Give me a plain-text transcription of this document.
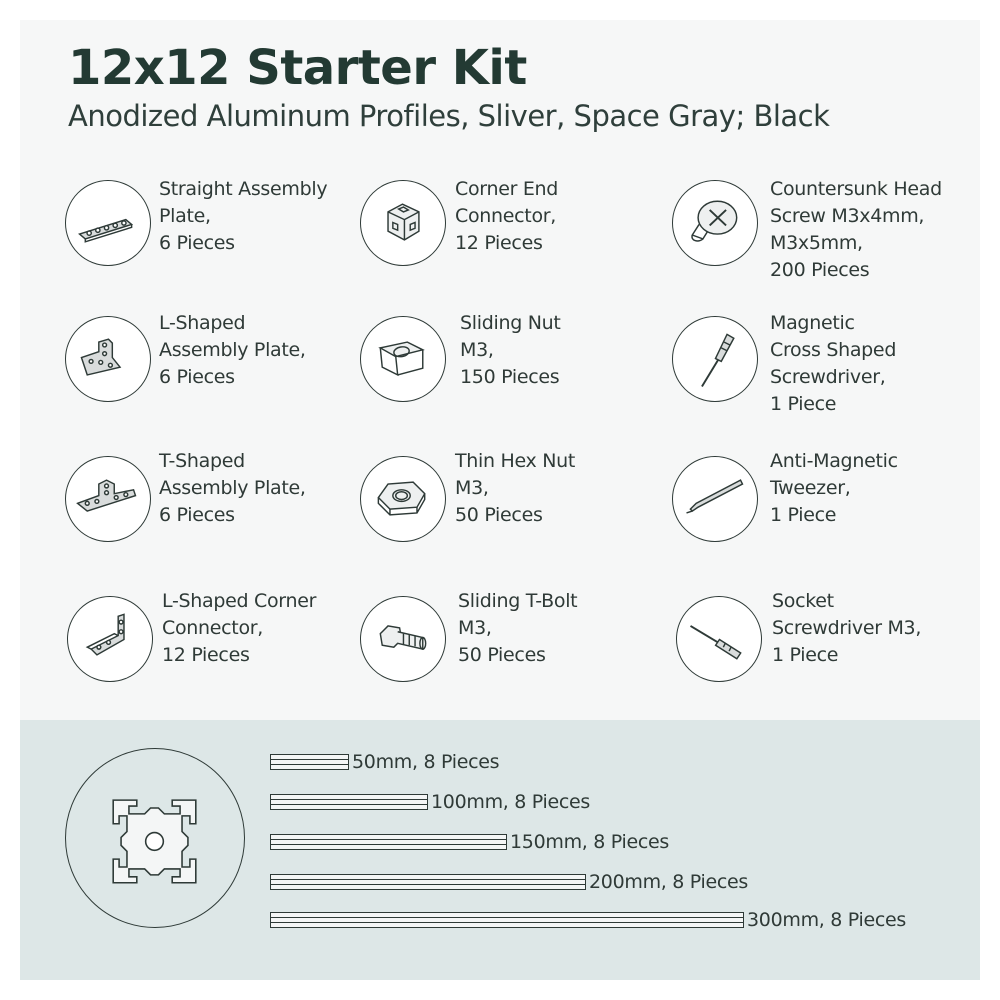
12x12 Starter Kit
Anodized Aluminum Profiles, Sliver, Space Gray; Black
Straight Assembly
Plate,
6 Pieces
Corner End
Connector,
12 Pieces
Countersunk Head
Screw M3x4mm,
M3x5mm,
200 Pieces
L-Shaped
Assembly Plate,
6 Pieces
Sliding Nut
M3,
150 Pieces
Magnetic
Cross Shaped
Screwdriver,
1 Piece
T-Shaped
Assembly Plate,
6 Pieces
Thin Hex Nut
M3,
50 Pieces
Anti-Magnetic
Tweezer,
1 Piece
L-Shaped Corner
Connector,
12 Pieces
Sliding T-Bolt
M3,
50 Pieces
Socket
Screwdriver M3,
1 Piece
50mm, 8 Pieces
100mm, 8 Pieces
150mm, 8 Pieces
200mm, 8 Pieces
300mm, 8 Pieces
